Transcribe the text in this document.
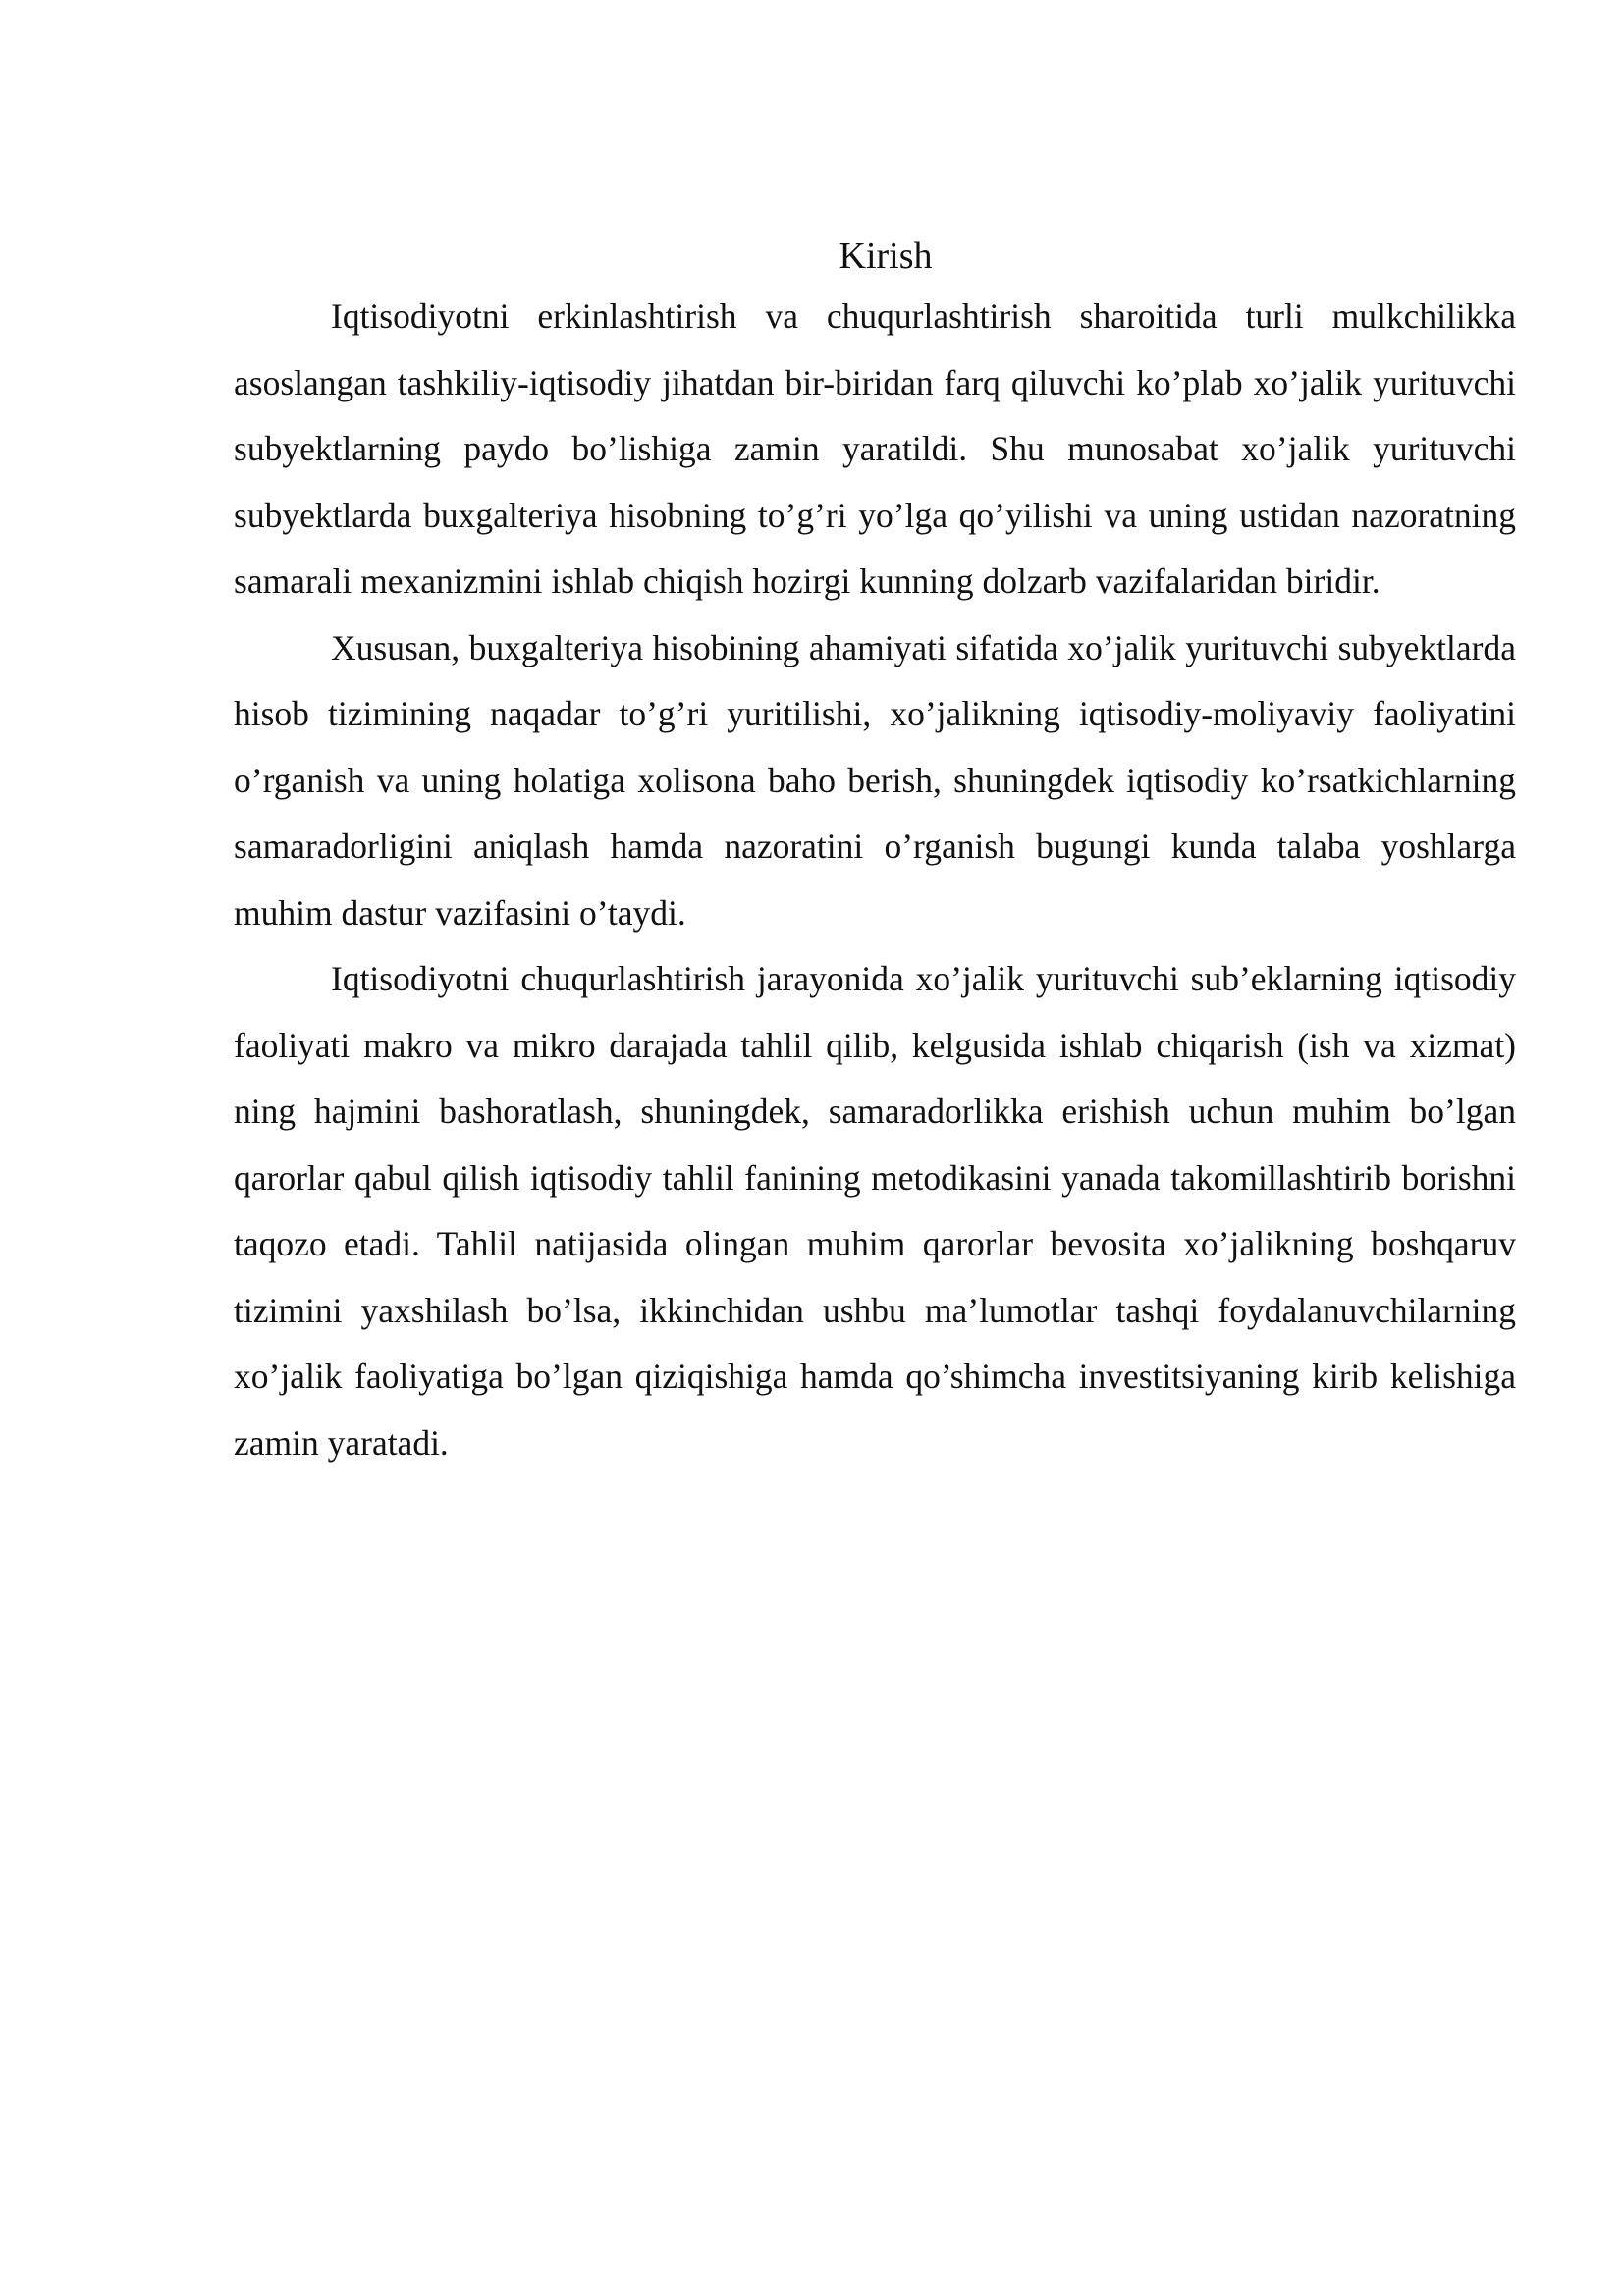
Kirish

Iqtisodiyotni erkinlashtirish va chuqurlashtirish sharoitida turli mulkchilikka asoslangan tashkiliy-iqtisodiy jihatdan bir-biridan farq qiluvchi ko’plab xo’jalik yurituvchi subyektlarning paydo bo’lishiga zamin yaratildi. Shu munosabat xo’jalik yurituvchi subyektlarda buxgalteriya hisobning to’g’ri yo’lga qo’yilishi va uning ustidan nazoratning samarali mexanizmini ishlab chiqish hozirgi kunning dolzarb vazifalaridan biridir.

Xususan, buxgalteriya hisobining ahamiyati sifatida xo’jalik yurituvchi subyektlarda hisob tizimining naqadar to’g’ri yuritilishi, xo’jalikning iqtisodiy-moliyaviy faoliyatini o’rganish va uning holatiga xolisona baho berish, shuningdek iqtisodiy ko’rsatkichlarning samaradorligini aniqlash hamda nazoratini o’rganish bugungi kunda talaba yoshlarga muhim dastur vazifasini o’taydi.

Iqtisodiyotni chuqurlashtirish jarayonida xo’jalik yurituvchi sub’eklarning iqtisodiy faoliyati makro va mikro darajada tahlil qilib, kelgusida ishlab chiqarish (ish va xizmat) ning hajmini bashoratlash, shuningdek, samaradorlikka erishish uchun muhim bo’lgan qarorlar qabul qilish iqtisodiy tahlil fanining metodikasini yanada takomillashtirib borishni taqozo etadi. Tahlil natijasida olingan muhim qarorlar bevosita xo’jalikning boshqaruv tizimini yaxshilash bo’lsa, ikkinchidan ushbu ma’lumotlar tashqi foydalanuvchilarning xo’jalik faoliyatiga bo’lgan qiziqishiga hamda qo’shimcha investitsiyaning kirib kelishiga zamin yaratadi.
